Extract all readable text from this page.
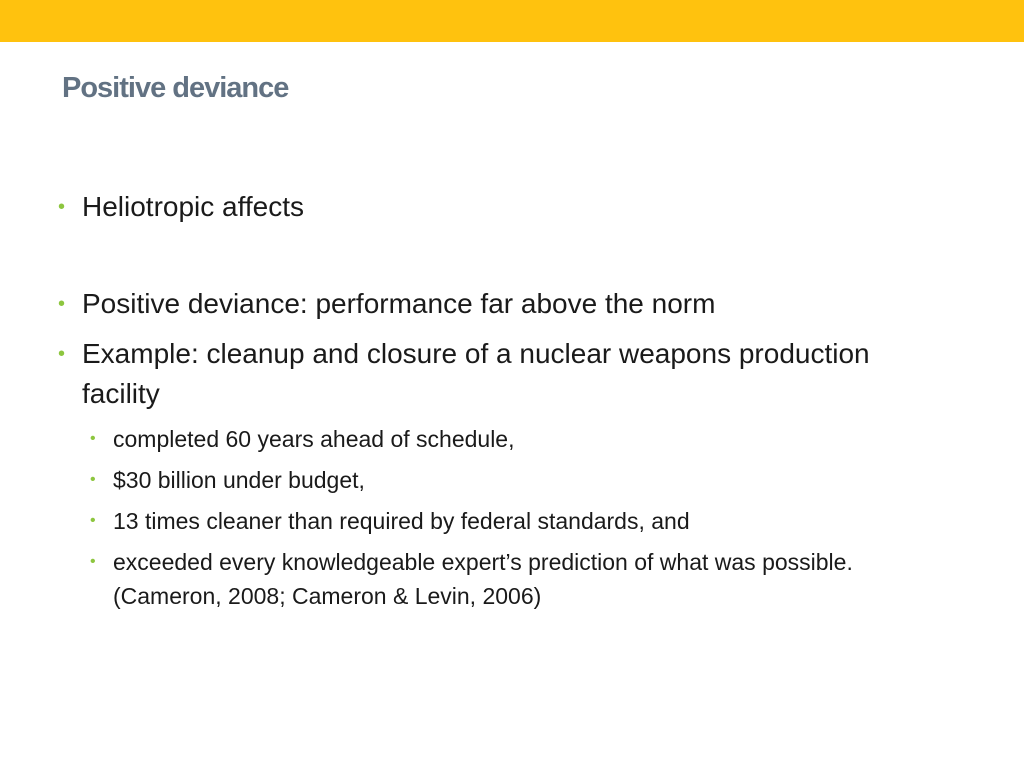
Positive deviance
• Heliotropic affects
• Positive deviance: performance far above the norm
• Example: cleanup and closure of a nuclear weapons production facility
• completed 60 years ahead of schedule,
• $30 billion under budget,
• 13 times cleaner than required by federal standards, and
• exceeded every knowledgeable expert’s prediction of what was possible. (Cameron, 2008; Cameron & Levin, 2006)
